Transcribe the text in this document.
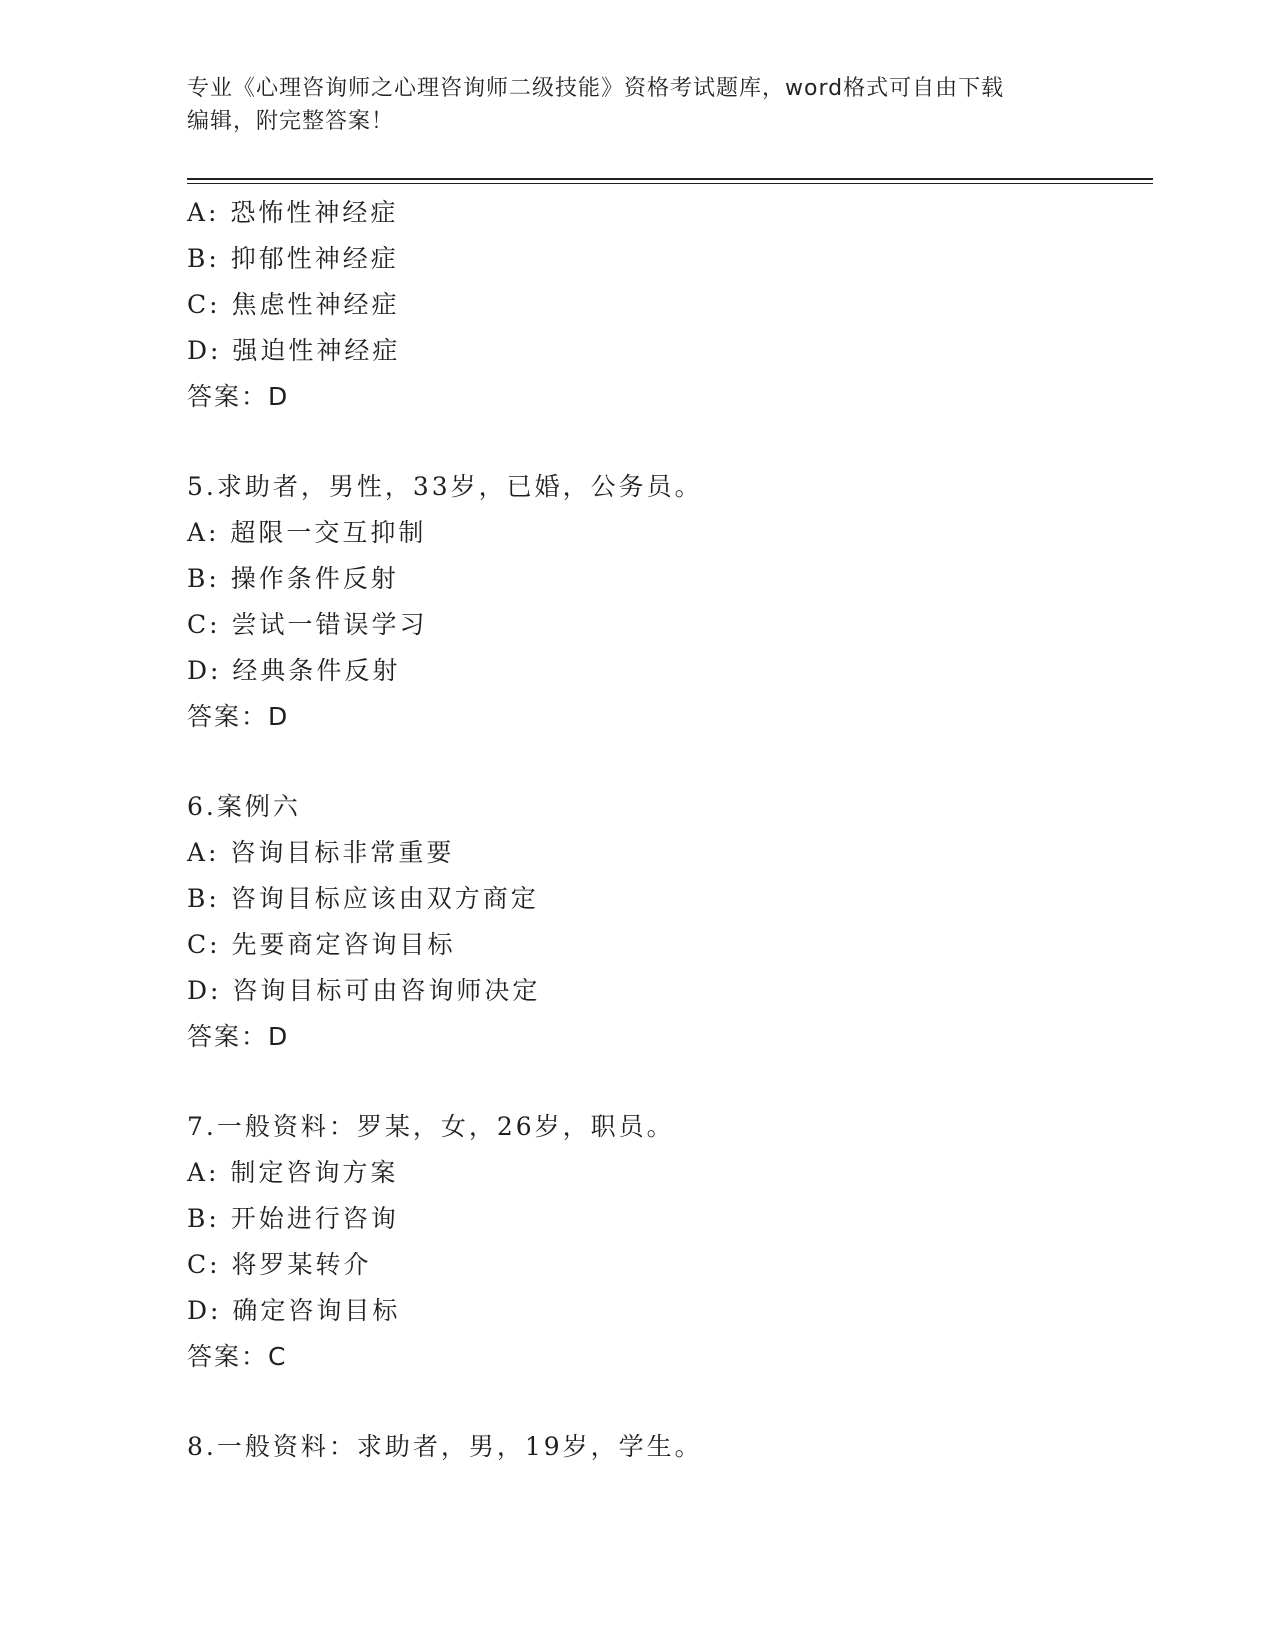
专业《心理咨询师之心理咨询师二级技能》资格考试题库，word格式可自由下载
编辑，附完整答案！
A: 恐怖性神经症
B: 抑郁性神经症
C: 焦虑性神经症
D: 强迫性神经症
答案：D
5.求助者，男性，33岁，已婚，公务员。
A: 超限一交互抑制
B: 操作条件反射
C: 尝试一错误学习
D: 经典条件反射
答案：D
6.案例六
A: 咨询目标非常重要
B: 咨询目标应该由双方商定
C: 先要商定咨询目标
D: 咨询目标可由咨询师决定
答案：D
7.一般资料：罗某，女，26岁，职员。
A: 制定咨询方案
B: 开始进行咨询
C: 将罗某转介
D: 确定咨询目标
答案：C
8.一般资料：求助者，男，19岁，学生。
